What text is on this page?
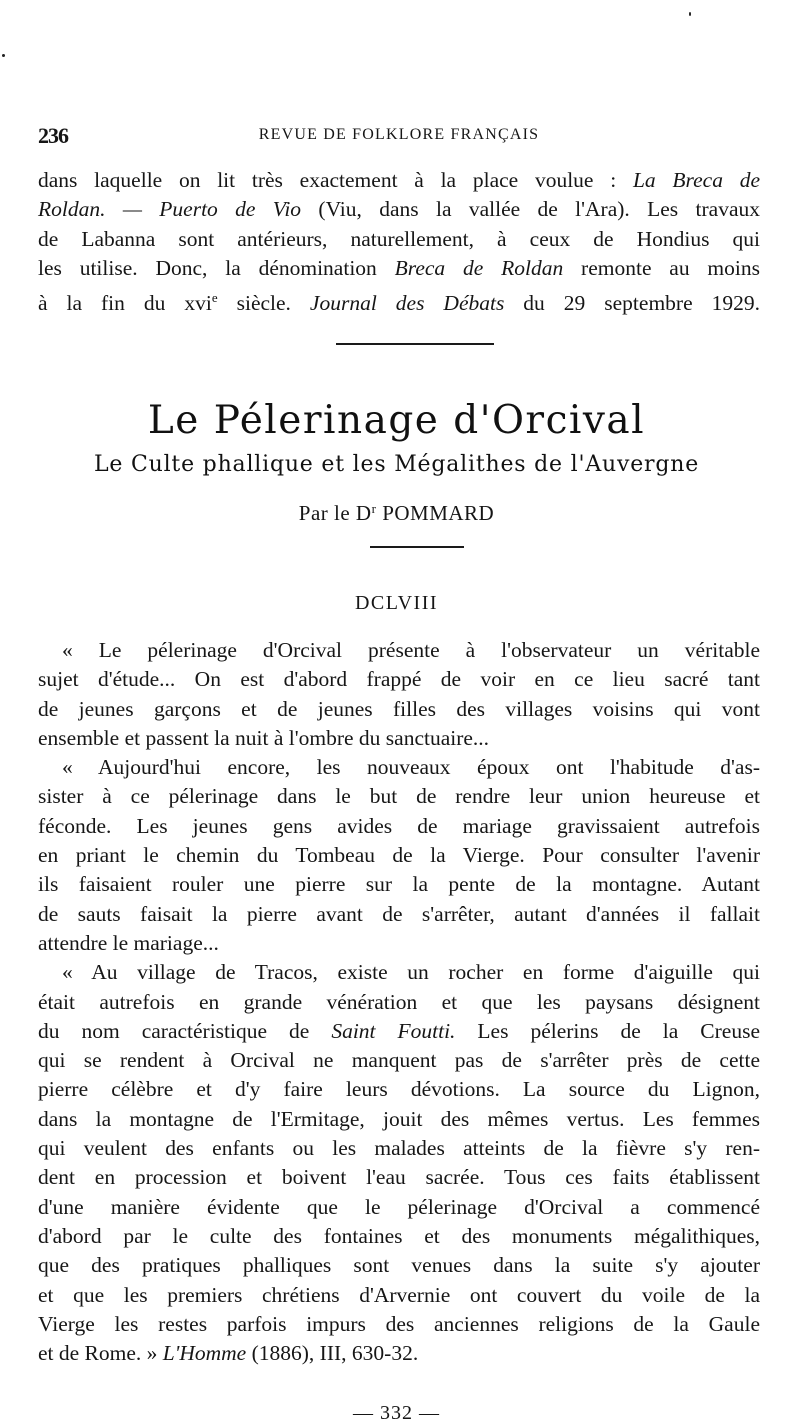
236	REVUE DE FOLKLORE FRANÇAIS
dans laquelle on lit très exactement à la place voulue : La Breca de
Roldan. — Puerto de Vio (Viu, dans la vallée de l'Ara). Les travaux
de Labanna sont antérieurs, naturellement, à ceux de Hondius qui
les utilise. Donc, la dénomination Breca de Roldan remonte au moins
à la fin du xvi$^e$ siècle. Journal des Débats du 29 septembre 1929.
Le Pélerinage d'Orcival
Le Culte phallique et les Mégalithes de l'Auvergne
Par le $D^r$ POMMARD
DCLVIII
« Le pélerinage d'Orcival présente à l'observateur un véritable
sujet d'étude... On est d'abord frappé de voir en ce lieu sacré tant
de jeunes garçons et de jeunes filles des villages voisins qui vont
ensemble et passent la nuit à l'ombre du sanctuaire...
« Aujourd'hui encore, les nouveaux époux ont l'habitude d'as-
sister à ce pélerinage dans le but de rendre leur union heureuse et
féconde. Les jeunes gens avides de mariage gravissaient autrefois
en priant le chemin du Tombeau de la Vierge. Pour consulter l'avenir
ils faisaient rouler une pierre sur la pente de la montagne. Autant
de sauts faisait la pierre avant de s'arrêter, autant d'années il fallait
attendre le mariage...
« Au village de Tracos, existe un rocher en forme d'aiguille qui
était autrefois en grande vénération et que les paysans désignent
du nom caractéristique de Saint Foutti. Les pélerins de la Creuse
qui se rendent à Orcival ne manquent pas de s'arrêter près de cette
pierre célèbre et d'y faire leurs dévotions. La source du Lignon,
dans la montagne de l'Ermitage, jouit des mêmes vertus. Les femmes
qui veulent des enfants ou les malades atteints de la fièvre s'y ren-
dent en procession et boivent l'eau sacrée. Tous ces faits établissent
d'une manière évidente que le pélerinage d'Orcival a commencé
d'abord par le culte des fontaines et des monuments mégalithiques,
que des pratiques phalliques sont venues dans la suite s'y ajouter
et que les premiers chrétiens d'Arvernie ont couvert du voile de la
Vierge les restes parfois impurs des anciennes religions de la Gaule
et de Rome. » L'Homme (1886), III, 630-32.
— 332 —
